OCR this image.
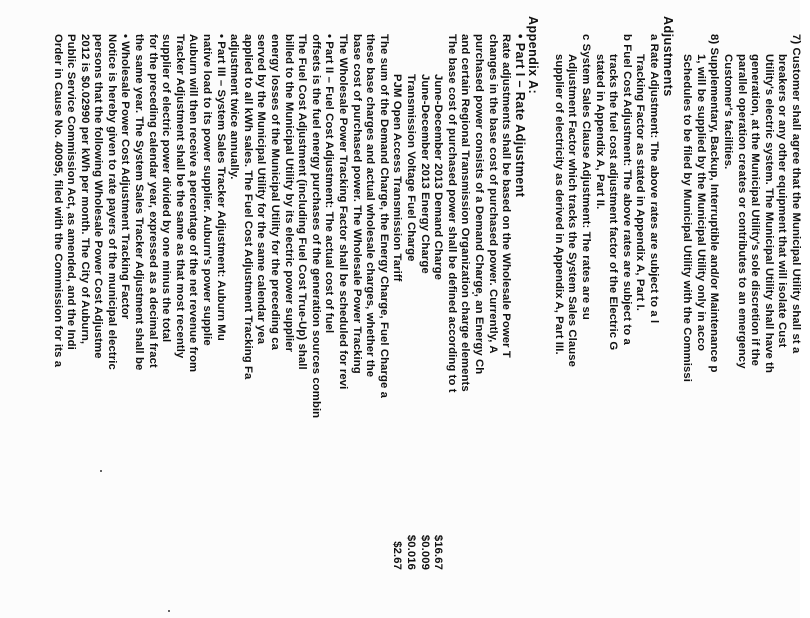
7) Customer shall agree that the Municipal Utility shall st a
breakers or any other equipment that will isolate Cust
Utility's electric system. The Municipal Utility shall have th
generation, at the Municipal Utility's sole discretion if the
parallel operation creates or contributes to an emergency
Customer's facilities.
8) Supplementary, Backup, Interruptible and/or Maintenance p
1, will be supplied by the Municipal Utility only in acco
Schedules to be filed by Municipal Utility with the Commissi
Adjustments
a Rate Adjustment: The above rates are subject to a l
Tracking Factor as stated in Appendix A, Part I.
b Fuel Cost Adjustment: The above rates are subject to a
tracks the fuel cost adjustment factor of the Electric G
stated in Appendix A, Part II.
c System Sales Clause Adjustment: The rates are su
Adjustment Factor which tracks the System Sales Clause
supplier of electricity as derived in Appendix A, Part III.
Appendix A:
• Part I – Rate Adjustment
Rate adjustments shall be based on the Wholesale Power T
changes in the base cost of purchased power. Currently, A
purchased power consists of a Demand Charge, an Energy Ch
and certain Regional Transmission Organization charge elements
The base cost of purchased power shall be defined according to t
June-December 2013 Demand Charge
$16.67
June-December 2013 Energy Charge
$0.009
Transmission Voltage Fuel Charge
$0.016
PJM Open Access Transmission Tariff
$2.67
The sum of the Demand Charge, the Energy Charge, Fuel Charge a
these base charges and actual wholesale charges, whether the
base cost of purchased power. The Wholesale Power Tracking
The Wholesale Power Tracking Factor shall be scheduled for revi
• Part II – Fuel Cost Adjustment: The actual cost of fuel
offsets is the fuel energy purchases of the generation sources combin
The Fuel Cost Adjustment (including Fuel Cost True-Up) shall
billed to the Municipal Utility by its electric power supplier
energy losses of the Municipal Utility for the preceding ca
served by the Municipal Utility for the same calendar yea
applied to all kWh sales. The Fuel Cost Adjustment Tracking Fa
adjustment twice annually.
• Part III – System Sales Tracker Adjustment: Auburn Mu
native load to its power supplier. Auburn's power supplie
Auburn will then receive a percentage of the net revenue from
Tracker Adjustment shall be the same as that most recently
supplier of electric power divided by one minus the total
for the preceding calendar year, expressed as a decimal fract
the same year. The System Sales Tracker Adjustment shall be
• Wholesale Power Cost Adjustment Tracking Factor
Notice is hereby given to rate payers of the municipal electric
persons that the following Wholesale Power Cost Adjustme
2012 is $0.02990 per kWh per month. The City of Auburn,
Public Service Commission Act, as amended, and the Indi
Order in Cause No. 40095, filed with the Commission for its a
